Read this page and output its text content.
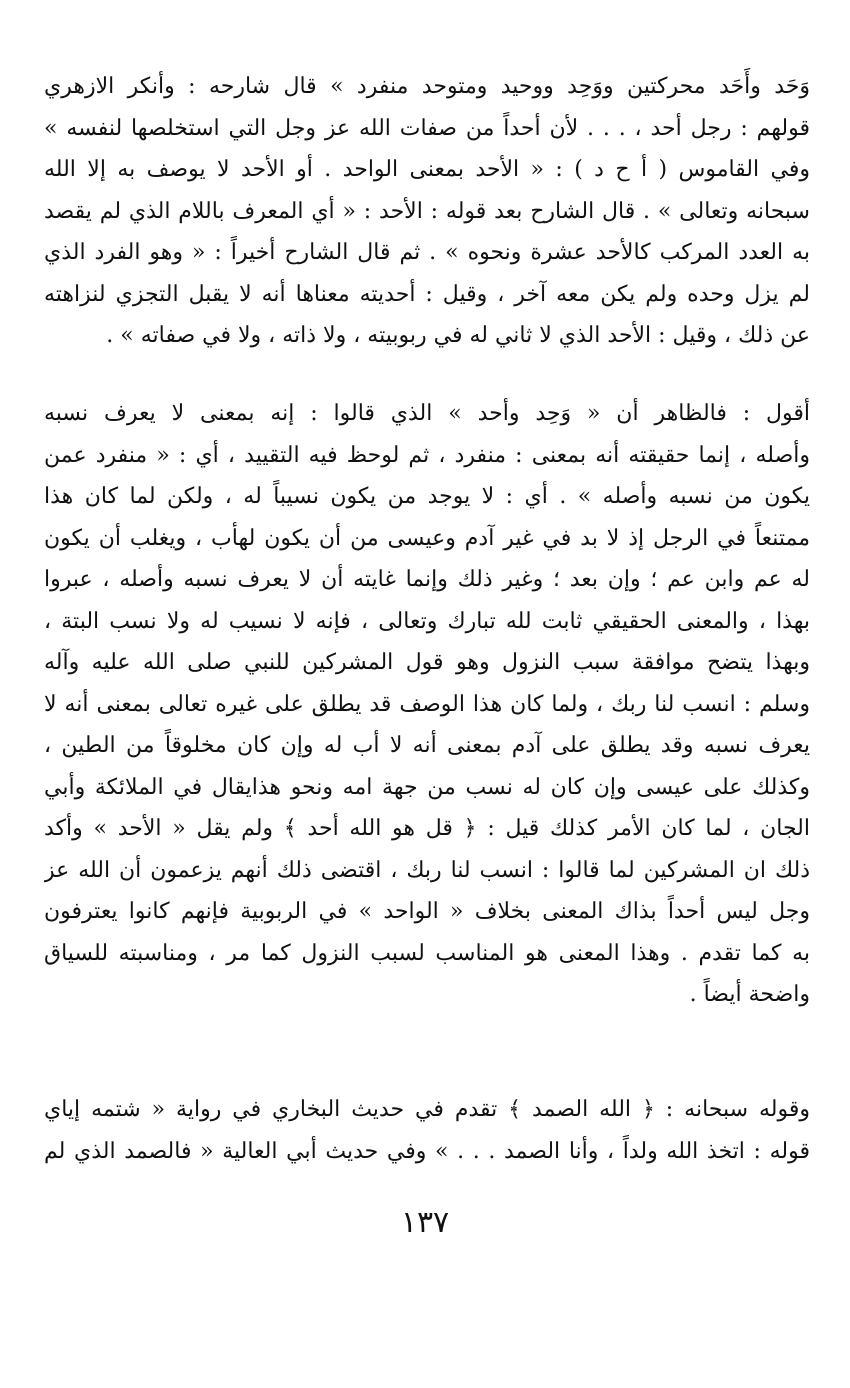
وَحَد وأَحَد محركتين ووَحِد ووحيد ومتوحد منفرد » قال شارحه : وأنكر الازهري
قولهم : رجل أحد ، . . . لأن أحداً من صفات الله عز وجل التي استخلصها لنفسه »
وفي القاموس ( أ ح د ) : « الأحد بمعنى الواحد . أو الأحد لا يوصف به إلا الله
سبحانه وتعالى » . قال الشارح بعد قوله : الأحد : « أي المعرف باللام الذي لم يقصد
به العدد المركب كالأحد عشرة ونحوه » . ثم قال الشارح أخيراً : « وهو الفرد الذي
لم يزل وحده ولم يكن معه آخر ، وقيل : أحديته معناها أنه لا يقبل التجزي لنزاهته
عن ذلك ، وقيل : الأحد الذي لا ثاني له في ربوبيته ، ولا ذاته ، ولا في صفاته » .
أقول : فالظاهر أن « وَحِد وأحد » الذي قالوا : إنه بمعنى لا يعرف نسبه
وأصله ، إنما حقيقته أنه بمعنى : منفرد ، ثم لوحظ فيه التقييد ، أي : « منفرد عمن
يكون من نسبه وأصله » . أي : لا يوجد من يكون نسيباً له ، ولكن لما كان هذا
ممتنعاً في الرجل إذ لا بد في غير آدم وعيسى من أن يكون لهأب ، ويغلب أن يكون
له عم وابن عم ؛ وإن بعد ؛ وغير ذلك وإنما غايته أن لا يعرف نسبه وأصله ، عبروا
بهذا ، والمعنى الحقيقي ثابت لله تبارك وتعالى ، فإنه لا نسيب له ولا نسب البتة ،
وبهذا يتضح موافقة سبب النزول وهو قول المشركين للنبي صلى الله عليه وآله
وسلم : انسب لنا ربك ، ولما كان هذا الوصف قد يطلق على غيره تعالى بمعنى أنه لا
يعرف نسبه وقد يطلق على آدم بمعنى أنه لا أب له وإن كان مخلوقاً من الطين ،
وكذلك على عيسى وإن كان له نسب من جهة امه ونحو هذايقال في الملائكة وأبي
الجان ، لما كان الأمر كذلك قيل : ﴿ قل هو الله أحد ﴾ ولم يقل « الأحد » وأكد
ذلك ان المشركين لما قالوا : انسب لنا ربك ، اقتضى ذلك أنهم يزعمون أن الله عز
وجل ليس أحداً بذاك المعنى بخلاف « الواحد » في الربوبية فإنهم كانوا يعترفون
به كما تقدم . وهذا المعنى هو المناسب لسبب النزول كما مر ، ومناسبته للسياق
واضحة أيضاً .
وقوله سبحانه : ﴿ الله الصمد ﴾ تقدم في حديث البخاري في رواية « شتمه إياي
قوله : اتخذ الله ولداً ، وأنا الصمد . . . » وفي حديث أبي العالية « فالصمد الذي لم
١٣٧
